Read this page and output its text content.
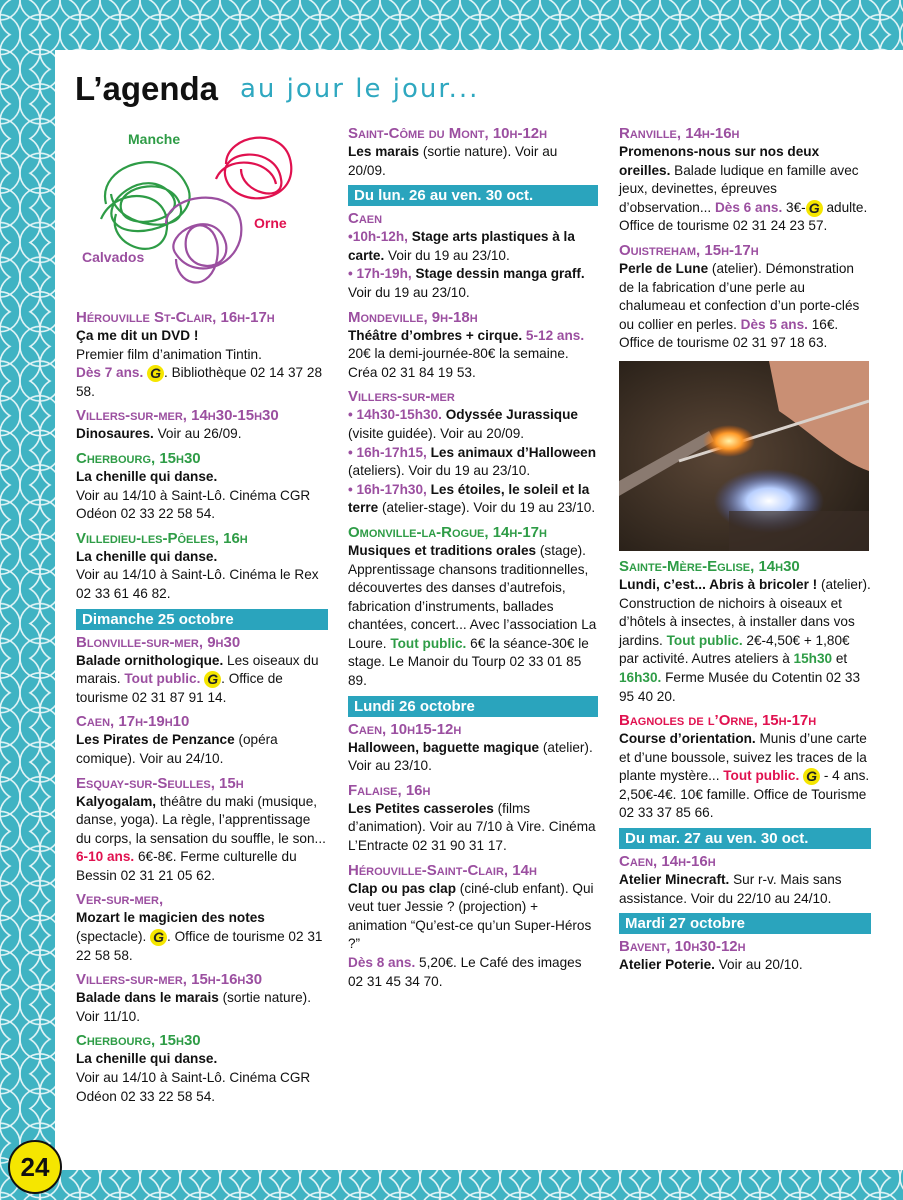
L’agenda au jour le jour...
Manche
Orne
Calvados
Hérouville St-Clair, 16h-17h
Ça me dit un DVD !
Premier film d’animation Tintin.
Dès 7 ans. G . Bibliothèque 02 14 37 28 58.
Villers-sur-mer, 14h30-15h30
Dinosaures. Voir au 26/09.
Cherbourg, 15h30
La chenille qui danse.
Voir au 14/10 à Saint-Lô. Cinéma CGR Odéon 02 33 22 58 54.
Villedieu-les-Pôeles, 16h
La chenille qui danse.
Voir au 14/10 à Saint-Lô. Cinéma le Rex 02 33 61 46 82.
Dimanche 25 octobre
Blonville-sur-mer, 9h30
Balade ornithologique. Les oiseaux du marais. Tout public. G . Office de tourisme 02 31 87 91 14.
Caen, 17h-19h10
Les Pirates de Penzance (opéra comique). Voir au 24/10.
Esquay-sur-Seulles, 15h
Kalyogalam, théâtre du maki (musique, danse, yoga). La règle, l’apprentissage du corps, la sensation du souffle, le son... 6-10 ans. 6€-8€. Ferme culturelle du Bessin 02 31 21 05 62.
Ver-sur-mer,
Mozart le magicien des notes (spectacle). G . Office de tourisme 02 31 22 58 58.
Villers-sur-mer, 15h-16h30
Balade dans le marais (sortie nature). Voir 11/10.
Cherbourg, 15h30
La chenille qui danse.
Voir au 14/10 à Saint-Lô. Cinéma CGR Odéon 02 33 22 58 54.
Saint-Côme du Mont, 10h-12h
Les marais (sortie nature). Voir au 20/09.
Du lun. 26 au ven. 30 oct.
Caen
•10h-12h, Stage arts plastiques à la carte. Voir du 19 au 23/10.
• 17h-19h, Stage dessin manga graff. Voir du 19 au 23/10.
Mondeville, 9h-18h
Théâtre d’ombres + cirque. 5-12 ans. 20€ la demi-journée-80€ la semaine. Créa 02 31 84 19 53.
Villers-sur-mer
• 14h30-15h30. Odyssée Jurassique (visite guidée). Voir au 20/09.
• 16h-17h15, Les animaux d’Halloween (ateliers). Voir du 19 au 23/10.
• 16h-17h30, Les étoiles, le soleil et la terre (atelier-stage). Voir du 19 au 23/10.
Omonville-la-Rogue, 14h-17h
Musiques et traditions orales (stage). Apprentissage chansons traditionnelles, découvertes des danses d’autrefois, fabrication d’instruments, ballades chantées, concert... Avec l’association La Loure. Tout public. 6€ la séance-30€ le stage. Le Manoir du Tourp 02 33 01 85 89.
Lundi 26 octobre
Caen, 10h15-12h
Halloween, baguette magique (atelier). Voir au 23/10.
Falaise, 16h
Les Petites casseroles (films d’animation). Voir au 7/10 à Vire. Cinéma L’Entracte 02 31 90 31 17.
Hérouville-Saint-Clair, 14h
Clap ou pas clap (ciné-club enfant). Qui veut tuer Jessie ? (projection) + animation “Qu’est-ce qu’un Super-Héros ?”
Dès 8 ans. 5,20€. Le Café des images 02 31 45 34 70.
Ranville, 14h-16h
Promenons-nous sur nos deux oreilles. Balade ludique en famille avec jeux, devinettes, épreuves d’observation... Dès 6 ans. 3€- G adulte. Office de tourisme 02 31 24 23 57.
Ouistreham, 15h-17h
Perle de Lune (atelier). Démonstration de la fabrication d’une perle au chalumeau et confection d’un porte-clés ou collier en perles. Dès 5 ans. 16€. Office de tourisme 02 31 97 18 63.
Sainte-Mère-Eglise, 14h30
Lundi, c’est... Abris à bricoler ! (atelier). Construction de nichoirs à oiseaux et d’hôtels à insectes, à installer dans vos jardins. Tout public. 2€-4,50€ + 1,80€ par activité. Autres ateliers à 15h30 et 16h30. Ferme Musée du Cotentin 02 33 95 40 20.
Bagnoles de l’Orne, 15h-17h
Course d’orientation. Munis d’une carte et d’une boussole, suivez les traces de la plante mystère... Tout public. G - 4 ans. 2,50€-4€. 10€ famille. Office de Tourisme 02 33 37 85 66.
Du mar. 27 au ven. 30 oct.
Caen, 14h-16h
Atelier Minecraft. Sur r-v. Mais sans assistance. Voir du 22/10 au 24/10.
Mardi 27 octobre
Bavent, 10h30-12h
Atelier Poterie. Voir au 20/10.
24
